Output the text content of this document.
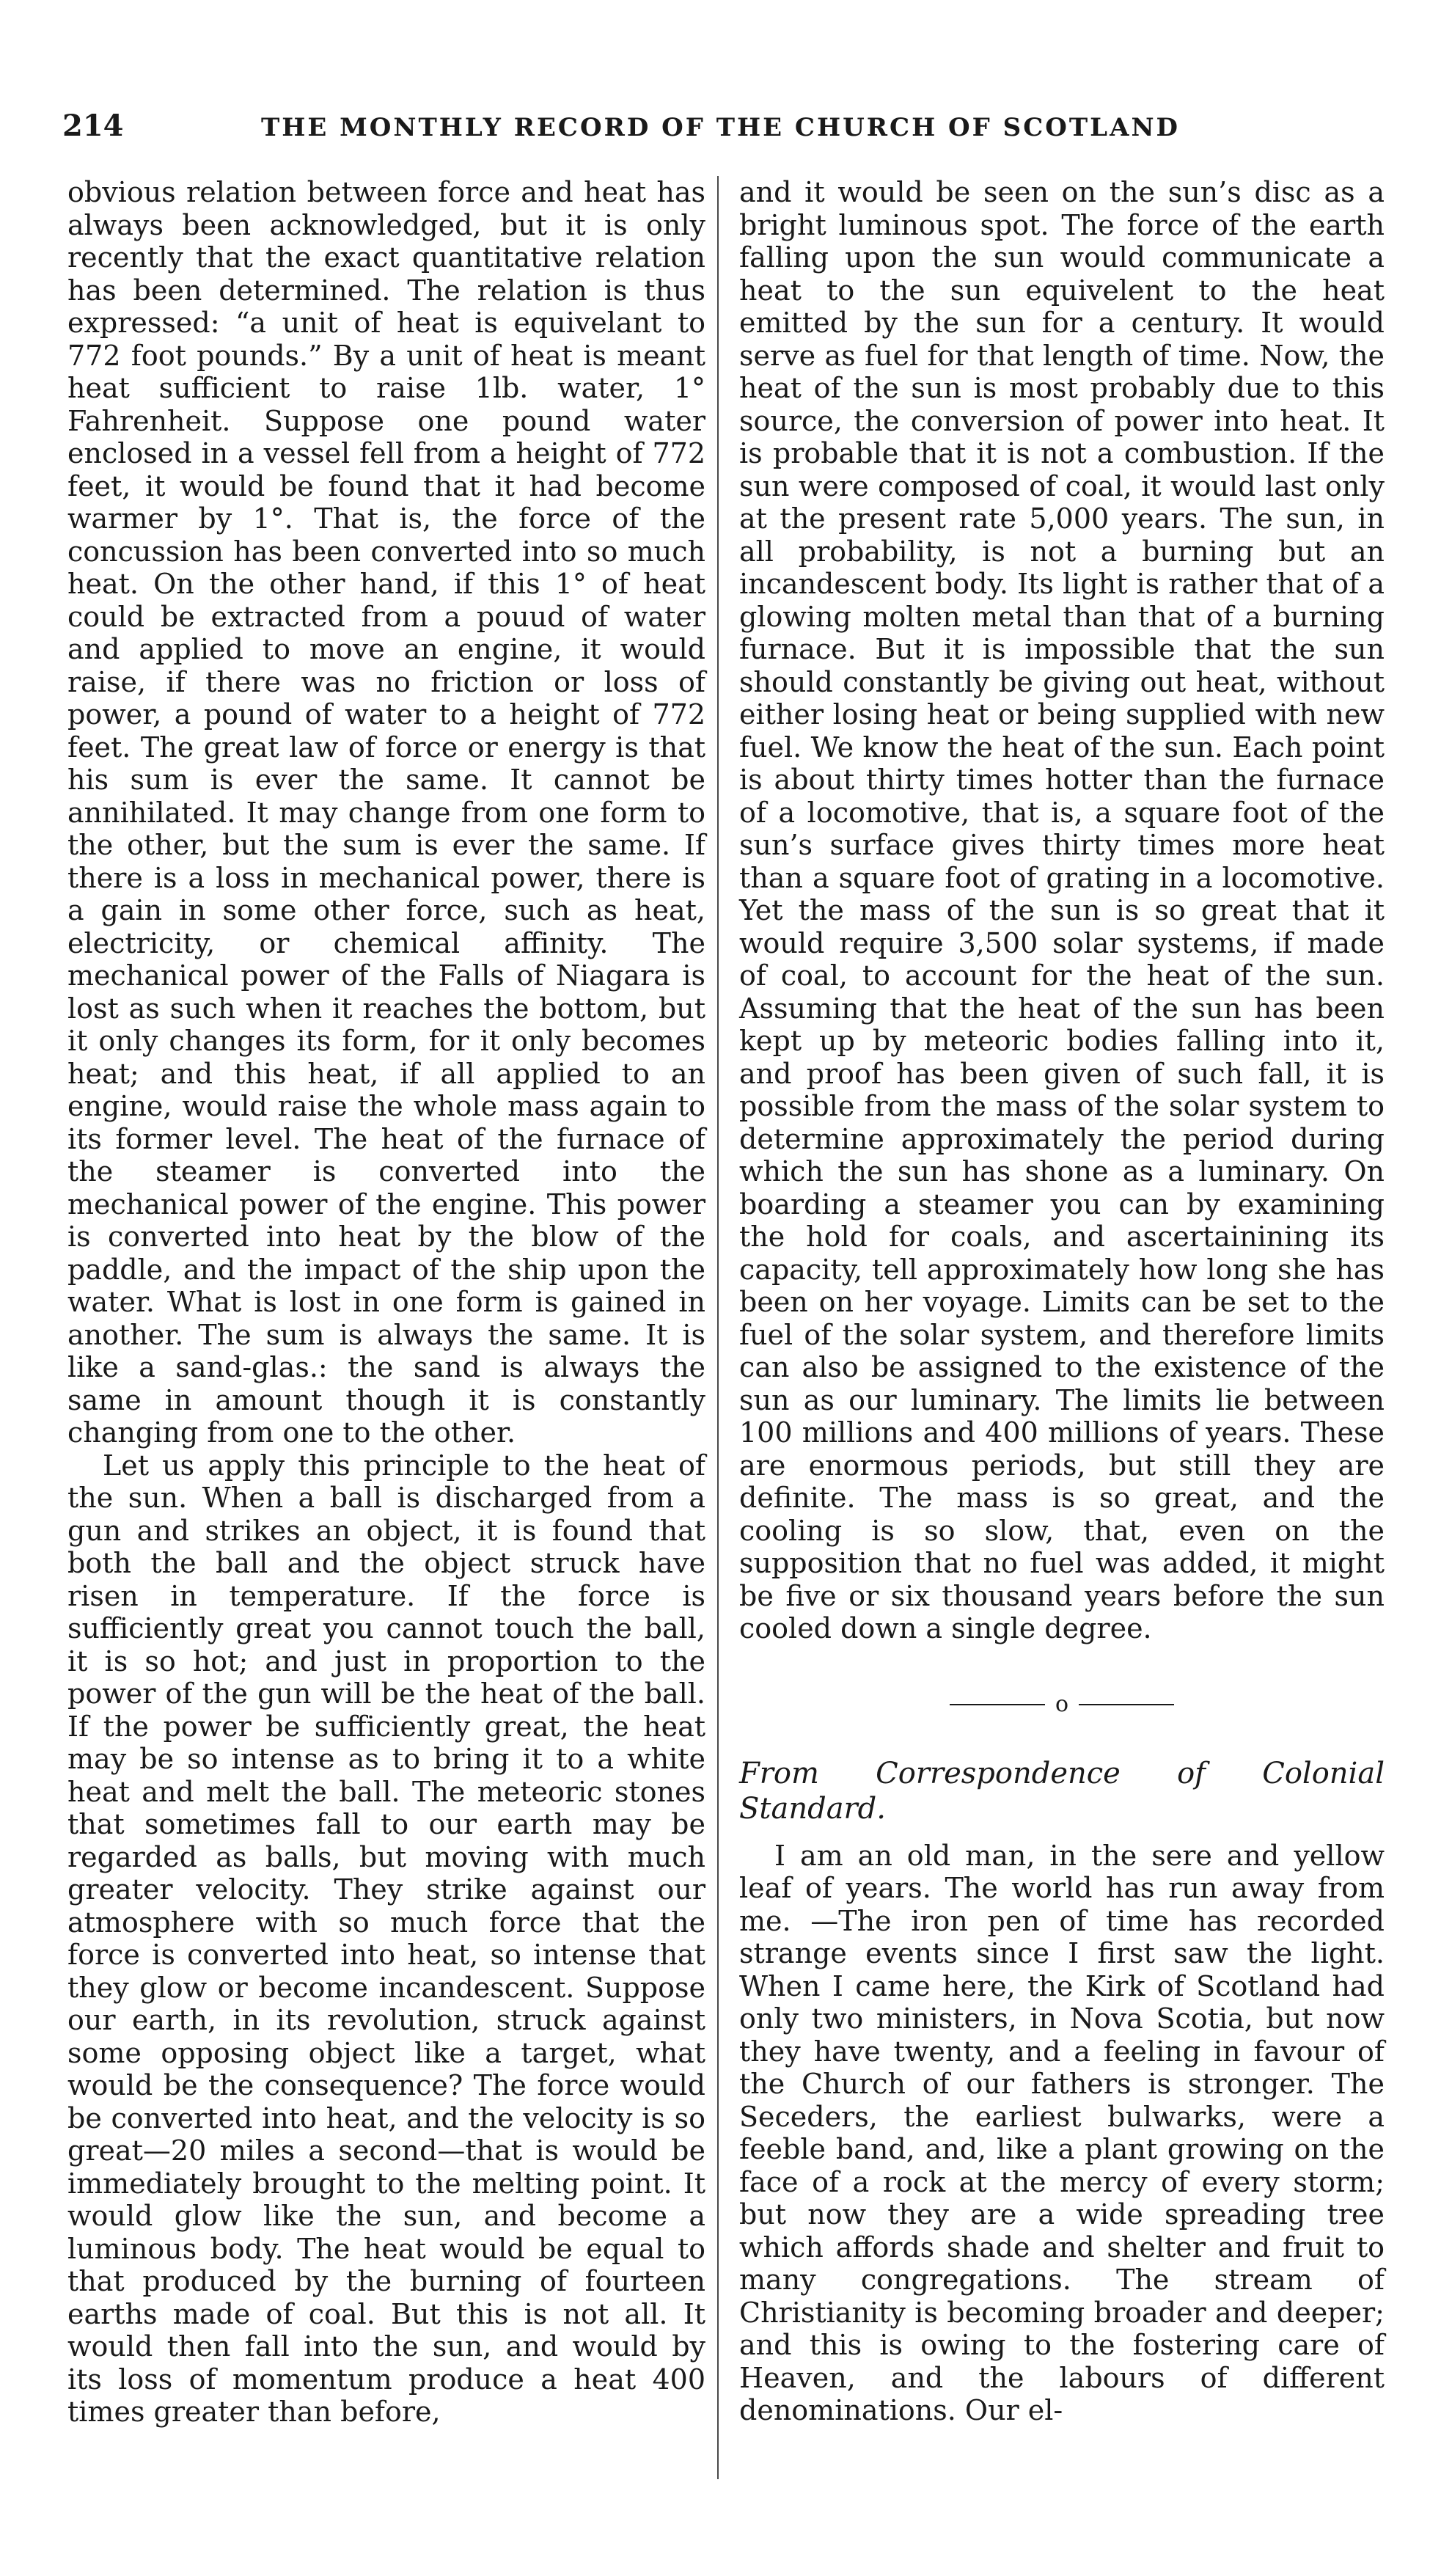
214	THE MONTHLY RECORD OF THE CHURCH OF SCOTLAND

obvious relation between force and heat has always been acknowledged, but it is only recently that the exact quantitative relation has been determined. The relation is thus expressed: “a unit of heat is equivelant to 772 foot pounds.” By a unit of heat is meant heat sufficient to raise 1lb. water, 1° Fahrenheit. Suppose one pound water enclosed in a vessel fell from a height of 772 feet, it would be found that it had become warmer by 1°. That is, the force of the concussion has been converted into so much heat. On the other hand, if this 1° of heat could be extracted from a pouud of water and applied to move an engine, it would raise, if there was no friction or loss of power, a pound of water to a height of 772 feet. The great law of force or energy is that his sum is ever the same. It cannot be annihilated. It may change from one form to the other, but the sum is ever the same. If there is a loss in mechanical power, there is a gain in some other force, such as heat, electricity, or chemical affinity. The mechanical power of the Falls of Niagara is lost as such when it reaches the bottom, but it only changes its form, for it only becomes heat; and this heat, if all applied to an engine, would raise the whole mass again to its former level. The heat of the furnace of the steamer is converted into the mechanical power of the engine. This power is converted into heat by the blow of the paddle, and the impact of the ship upon the water. What is lost in one form is gained in another. The sum is always the same. It is like a sand-glas.: the sand is always the same in amount though it is constantly changing from one to the other.

Let us apply this principle to the heat of the sun. When a ball is discharged from a gun and strikes an object, it is found that both the ball and the object struck have risen in temperature. If the force is sufficiently great you cannot touch the ball, it is so hot; and just in proportion to the power of the gun will be the heat of the ball. If the power be sufficiently great, the heat may be so intense as to bring it to a white heat and melt the ball. The meteoric stones that sometimes fall to our earth may be regarded as balls, but moving with much greater velocity. They strike against our atmosphere with so much force that the force is converted into heat, so intense that they glow or become incandescent. Suppose our earth, in its revolution, struck against some opposing object like a target, what would be the consequence? The force would be converted into heat, and the velocity is so great—20 miles a second—that is would be immediately brought to the melting point. It would glow like the sun, and become a luminous body. The heat would be equal to that produced by the burning of fourteen earths made of coal. But this is not all. It would then fall into the sun, and would by its loss of momentum produce a heat 400 times greater than before,

and it would be seen on the sun’s disc as a bright luminous spot. The force of the earth falling upon the sun would communicate a heat to the sun equivelent to the heat emitted by the sun for a century. It would serve as fuel for that length of time. Now, the heat of the sun is most probably due to this source, the conversion of power into heat. It is probable that it is not a combustion. If the sun were composed of coal, it would last only at the present rate 5,000 years. The sun, in all probability, is not a burning but an incandescent body. Its light is rather that of a glowing molten metal than that of a burning furnace. But it is impossible that the sun should constantly be giving out heat, without either losing heat or being supplied with new fuel. We know the heat of the sun. Each point is about thirty times hotter than the furnace of a locomotive, that is, a square foot of the sun’s surface gives thirty times more heat than a square foot of grating in a locomotive. Yet the mass of the sun is so great that it would require 3,500 solar systems, if made of coal, to account for the heat of the sun. Assuming that the heat of the sun has been kept up by meteoric bodies falling into it, and proof has been given of such fall, it is possible from the mass of the solar system to determine approximately the period during which the sun has shone as a luminary. On boarding a steamer you can by examining the hold for coals, and ascertainining its capacity, tell approximately how long she has been on her voyage. Limits can be set to the fuel of the solar system, and therefore limits can also be assigned to the existence of the sun as our luminary. The limits lie between 100 millions and 400 millions of years. These are enormous periods, but still they are definite. The mass is so great, and the cooling is so slow, that, even on the supposition that no fuel was added, it might be five or six thousand years before the sun cooled down a single degree.

o

From Correspondence of Colonial Standard.

I am an old man, in the sere and yellow leaf of years. The world has run away from me. —The iron pen of time has recorded strange events since I first saw the light. When I came here, the Kirk of Scotland had only two ministers, in Nova Scotia, but now they have twenty, and a feeling in favour of the Church of our fathers is stronger. The Seceders, the earliest bulwarks, were a feeble band, and, like a plant growing on the face of a rock at the mercy of every storm; but now they are a wide spreading tree which affords shade and shelter and fruit to many congregations. The stream of Christianity is becoming broader and deeper; and this is owing to the fostering care of Heaven, and the labours of different denominations. Our el-
